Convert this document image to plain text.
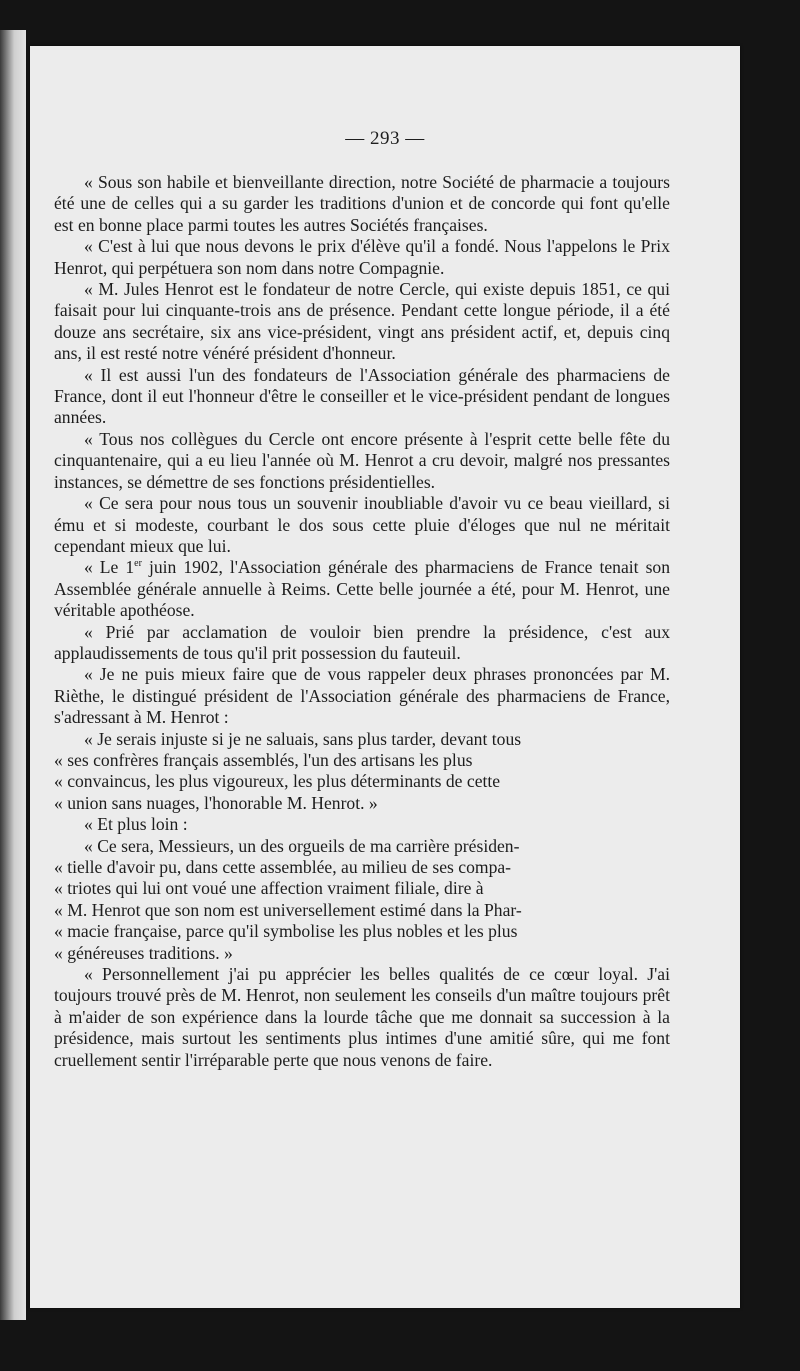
— 293 —

« Sous son habile et bienveillante direction, notre Société de pharmacie a toujours été une de celles qui a su garder les traditions d'union et de concorde qui font qu'elle est en bonne place parmi toutes les autres Sociétés françaises.

« C'est à lui que nous devons le prix d'élève qu'il a fondé. Nous l'appelons le Prix Henrot, qui perpétuera son nom dans notre Compagnie.

« M. Jules Henrot est le fondateur de notre Cercle, qui existe depuis 1851, ce qui faisait pour lui cinquante-trois ans de présence. Pendant cette longue période, il a été douze ans secrétaire, six ans vice-président, vingt ans président actif, et, depuis cinq ans, il est resté notre vénéré président d'honneur.

« Il est aussi l'un des fondateurs de l'Association générale des pharmaciens de France, dont il eut l'honneur d'être le conseiller et le vice-président pendant de longues années.

« Tous nos collègues du Cercle ont encore présente à l'esprit cette belle fête du cinquantenaire, qui a eu lieu l'année où M. Henrot a cru devoir, malgré nos pressantes instances, se démettre de ses fonctions présidentielles.

« Ce sera pour nous tous un souvenir inoubliable d'avoir vu ce beau vieillard, si ému et si modeste, courbant le dos sous cette pluie d'éloges que nul ne méritait cependant mieux que lui.

« Le 1er juin 1902, l'Association générale des pharmaciens de France tenait son Assemblée générale annuelle à Reims. Cette belle journée a été, pour M. Henrot, une véritable apothéose.

« Prié par acclamation de vouloir bien prendre la présidence, c'est aux applaudissements de tous qu'il prit possession du fauteuil.

« Je ne puis mieux faire que de vous rappeler deux phrases prononcées par M. Rièthe, le distingué président de l'Association générale des pharmaciens de France, s'adressant à M. Henrot :

« Je serais injuste si je ne saluais, sans plus tarder, devant tous

« ses confrères français assemblés, l'un des artisans les plus

« convaincus, les plus vigoureux, les plus déterminants de cette

« union sans nuages, l'honorable M. Henrot. »

« Et plus loin :

« Ce sera, Messieurs, un des orgueils de ma carrière présiden-

« tielle d'avoir pu, dans cette assemblée, au milieu de ses compa-

« triotes qui lui ont voué une affection vraiment filiale, dire à

« M. Henrot que son nom est universellement estimé dans la Phar-

« macie française, parce qu'il symbolise les plus nobles et les plus

« généreuses traditions. »

« Personnellement j'ai pu apprécier les belles qualités de ce cœur loyal. J'ai toujours trouvé près de M. Henrot, non seulement les conseils d'un maître toujours prêt à m'aider de son expérience dans la lourde tâche que me donnait sa succession à la présidence, mais surtout les sentiments plus intimes d'une amitié sûre, qui me font cruellement sentir l'irréparable perte que nous venons de faire.
